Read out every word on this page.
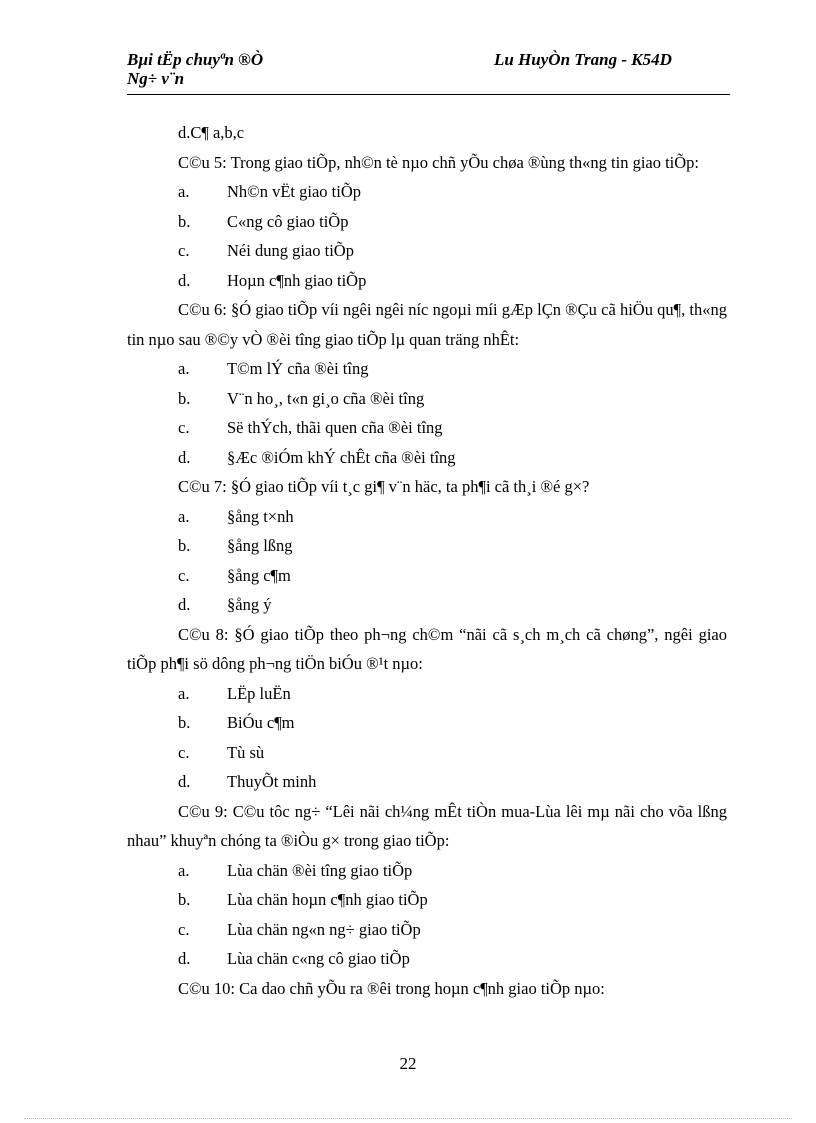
Bµi tËp chuyªn ®Ò
Ng÷ v¨n
Lu HuyÒn Trang - K54D

d.C¶ a,b,c

C©u 5: Trong giao tiÕp, nh©n tè nµo chñ yÕu chøa ®ùng th«ng tin giao tiÕp:

a.	Nh©n vËt giao tiÕp
b.	C«ng cô giao tiÕp
c.	Néi dung giao tiÕp
d.	Hoµn c¶nh giao tiÕp

C©u 6: §Ó giao tiÕp víi ngêi ngêi níc ngoµi míi gÆp lÇn ®Çu cã hiÖu qu¶, th«ng tin nµo sau ®©y vÒ ®èi tîng giao tiÕp lµ quan träng nhÊt:

a.	T©m lÝ cña ®èi tîng
b.	V¨n ho¸, t«n gi¸o cña ®èi tîng
c.	Së thÝch, thãi quen cña ®èi tîng
d.	§Æc ®iÓm khÝ chÊt cña ®èi tîng

C©u 7: §Ó giao tiÕp víi t¸c gi¶ v¨n häc, ta ph¶i cã th¸i ®é g×?

a.	§ång t×nh
b.	§ång lßng
c.	§ång c¶m
d.	§ång ý

C©u 8: §Ó giao tiÕp theo ph¬ng ch©m “nãi cã s¸ch m¸ch cã chøng”, ngêi giao tiÕp ph¶i sö dông ph¬ng tiÖn biÓu ®¹t nµo:

a.	LËp luËn
b.	BiÓu c¶m
c.	Tù sù
d.	ThuyÕt minh

C©u 9: C©u tôc ng÷ “Lêi nãi ch¼ng mÊt tiÒn mua-Lùa lêi mµ nãi cho võa lßng nhau” khuyªn chóng ta ®iÒu g× trong giao tiÕp:

a.	Lùa chän ®èi tîng giao tiÕp
b.	Lùa chän hoµn c¶nh giao tiÕp
c.	Lùa chän ng«n ng÷ giao tiÕp
d.	Lùa chän c«ng cô giao tiÕp

C©u 10: Ca dao chñ yÕu ra ®êi trong hoµn c¶nh giao tiÕp nµo:

22
